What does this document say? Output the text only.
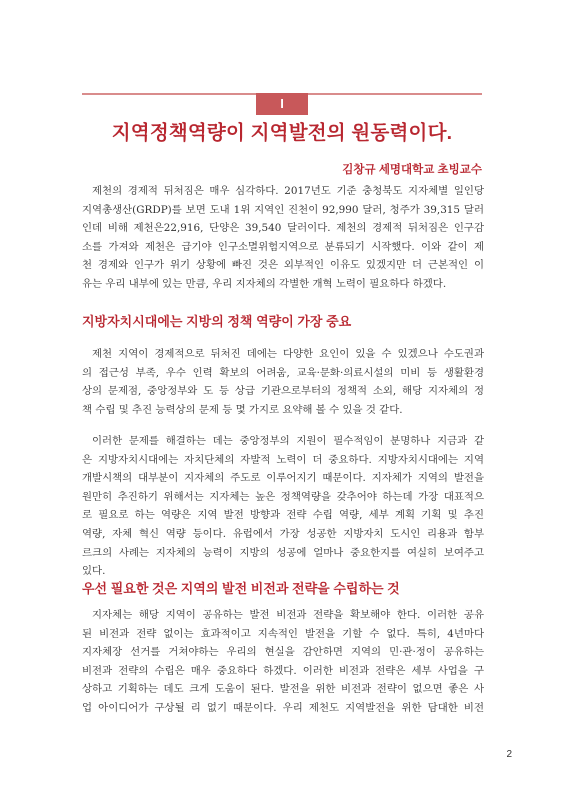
I
지역정책역량이 지역발전의 원동력이다.
김창규 세명대학교 초빙교수
제천의 경제적 뒤처짐은 매우 심각하다. 2017년도 기준 충청북도 지자체별 일인당
지역총생산(GRDP)를 보면 도내 1위 지역인 진천이 92,990 달러, 청주가 39,315 달러
인데 비해 제천은22,916, 단양은 39,540 달러이다. 제천의 경제적 뒤처짐은 인구감
소를 가져와 제천은 급기야 인구소멸위험지역으로 분류되기 시작했다. 이와 같이 제
천 경제와 인구가 위기 상황에 빠진 것은 외부적인 이유도 있겠지만 더 근본적인 이
유는 우리 내부에 있는 만큼, 우리 지자체의 각별한 개혁 노력이 필요하다 하겠다.
지방자치시대에는 지방의 정책 역량이 가장 중요
제천 지역이 경제적으로 뒤처진 데에는 다양한 요인이 있을 수 있겠으나 수도권과
의 접근성 부족, 우수 인력 확보의 어려움, 교육·문화·의료시설의 미비 등 생활환경
상의 문제점, 중앙정부와 도 등 상급 기관으로부터의 정책적 소외, 해당 지자체의 정
책 수립 및 추진 능력상의 문제 등 몇 가지로 요약해 볼 수 있을 것 같다.
이러한 문제를 해결하는 데는 중앙정부의 지원이 필수적임이 분명하나 지금과 같
은 지방자치시대에는 자치단체의 자발적 노력이 더 중요하다. 지방자치시대에는 지역
개발시책의 대부분이 지자체의 주도로 이루어지기 때문이다. 지자체가 지역의 발전을
원만히 추진하기 위해서는 지자체는 높은 정책역량을 갖추어야 하는데 가장 대표적으
로 필요로 하는 역량은 지역 발전 방향과 전략 수립 역량, 세부 계획 기획 및 추진
역량, 자체 혁신 역량 등이다. 유럽에서 가장 성공한 지방자치 도시인 리용과 함부
르크의 사례는 지자체의 능력이 지방의 성공에 얼마나 중요한지를 여실히 보여주고
있다.
우선 필요한 것은 지역의 발전 비전과 전략을 수립하는 것
지자체는 해당 지역이 공유하는 발전 비전과 전략을 확보해야 한다. 이러한 공유
된 비전과 전략 없이는 효과적이고 지속적인 발전을 기할 수 없다. 특히, 4년마다
지자체장 선거를 거쳐야하는 우리의 현실을 감안하면 지역의 민·관·정이 공유하는
비전과 전략의 수립은 매우 중요하다 하겠다. 이러한 비전과 전략은 세부 사업을 구
상하고 기획하는 데도 크게 도움이 된다. 발전을 위한 비전과 전략이 없으면 좋은 사
업 아이디어가 구상될 리 없기 때문이다. 우리 제천도 지역발전을 위한 담대한 비전
2
